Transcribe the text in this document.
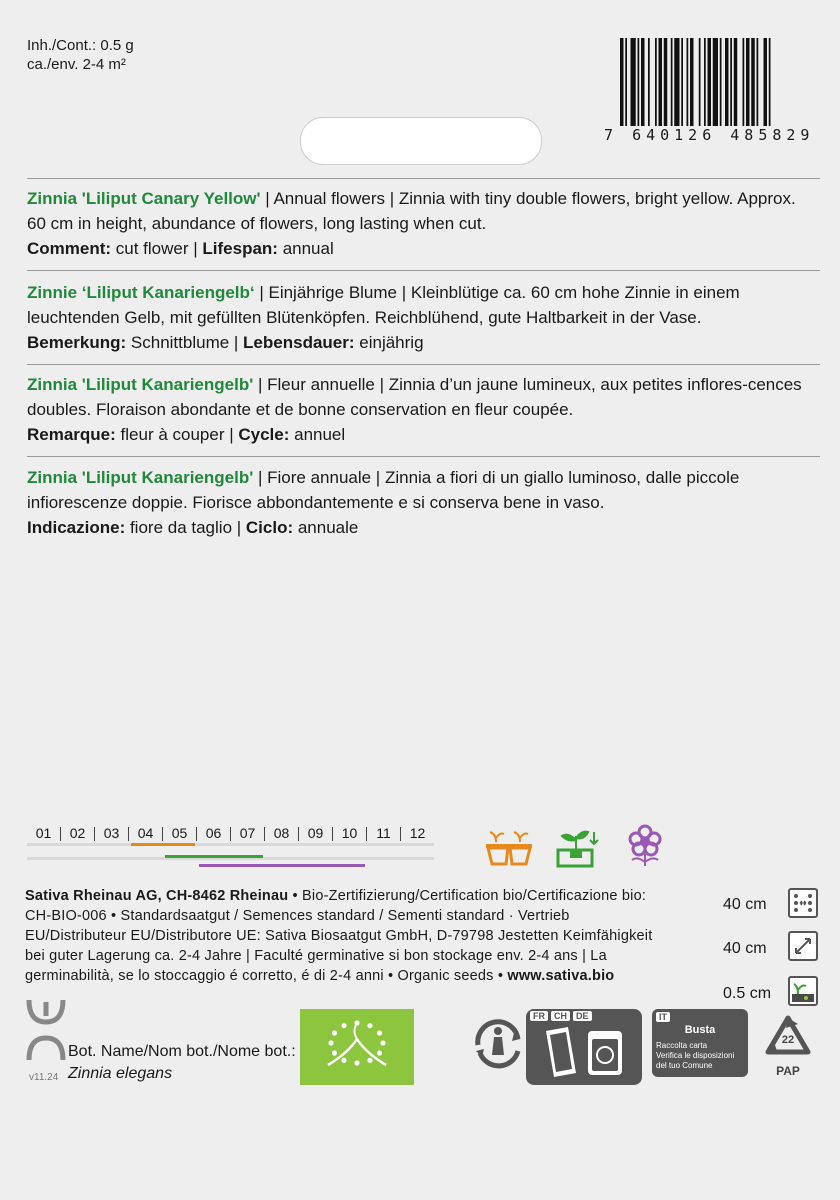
Inh./Cont.: 0.5 g
ca./env. 2-4 m²
7 640126 485829
Zinnia 'Liliput Canary Yellow' | Annual flowers | Zinnia with tiny double flowers, bright yellow. Approx. 60 cm in height, abundance of flowers, long lasting when cut.
Comment: cut flower | Lifespan: annual
Zinnie ‘Liliput Kanariengelb‘ | Einjährige Blume | Kleinblütige ca. 60 cm hohe Zinnie in einem leuchtenden Gelb, mit gefüllten Blütenköpfen. Reichblühend, gute Haltbarkeit in der Vase.
Bemerkung: Schnittblume | Lebensdauer: einjährig
Zinnia 'Liliput Kanariengelb' | Fleur annuelle | Zinnia d’un jaune lumineux, aux petites inflores-cences doubles. Floraison abondante et de bonne conservation en fleur coupée.
Remarque: fleur à couper | Cycle: annuel
Zinnia 'Liliput Kanariengelb' | Fiore annuale | Zinnia a fiori di un giallo luminoso, dalle piccole infiorescenze doppie. Fiorisce abbondantemente e si conserva bene in vaso.
Indicazione: fiore da taglio | Ciclo: annuale
01 02 03 04 05 06 07 08 09 10 11 12
Sativa Rheinau AG, CH-8462 Rheinau • Bio-Zertifizierung/Certification bio/Certificazione bio: CH-BIO-006 • Standardsaatgut / Semences standard / Sementi standard · Vertrieb EU/Distributeur EU/Distributore UE: Sativa Biosaatgut GmbH, D-79798 Jestetten Keimfähigkeit bei guter Lagerung ca. 2-4 Jahre | Faculté germinative si bon stockage env. 2-4 ans | La germinabilità, se lo stoccaggio é corretto, é di 2-4 anni • Organic seeds • www.sativa.bio
40 cm
40 cm
0.5 cm
Bot. Name/Nom bot./Nome bot.:
Zinnia elegans
v11.24
FR	CH	DE	IT
Busta
Raccolta carta
Verifica le disposizioni
del tuo Comune
22
PAP
